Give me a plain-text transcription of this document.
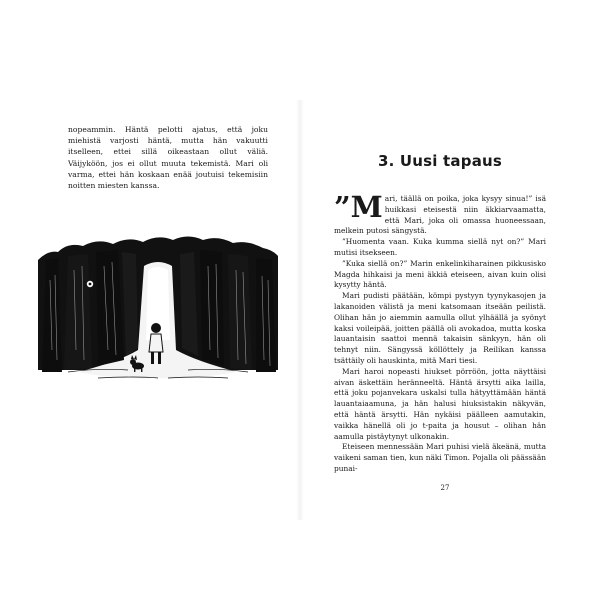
nopeammin. Häntä pelotti ajatus, että joku miehistä varjosti häntä, mutta hän vakuutti itselleen, ettei sillä oikeastaan ollut väliä. Väijyköön, jos ei ollut muuta tekemistä. Mari oli varma, ettei hän koskaan enää joutuisi tekemisiin noitten miesten kanssa.

3. Uusi tapaus

”M ari, täällä on poika, joka kysyy sinua!” isä huikkasi eteisestä niin äkkiarvaamatta, että Mari, joka oli omassa huoneessaan, melkein putosi sängystä.

”Huomenta vaan. Kuka kumma siellä nyt on?” Mari mutisi itsekseen.

”Kuka siellä on?” Marin enkelinkiharainen pikkusisko Magda hihkaisi ja meni äkkiä eteiseen, aivan kuin olisi kysytty häntä.

Mari pudisti päätään, kömpi pystyyn tyynykasojen ja lakanoiden välistä ja meni katsomaan itseään peilistä. Olihan hän jo aiemmin aamulla ollut ylhäällä ja syönyt kaksi voileipää, joitten päällä oli avokadoa, mutta koska lauantaisin saattoi mennä takaisin sänkyyn, hän oli tehnyt niin. Sängyssä köllöttely ja Reilikan kanssa tsättäily oli hauskinta, mitä Mari tiesi.

Mari haroi nopeasti hiukset pörröön, jotta näyttäisi aivan äskettäin heränneeltä. Häntä ärsytti aika lailla, että joku pojanvekara uskalsi tulla hätyyttämään häntä lauantaiaamuna, ja hän halusi hiuksistakin näkyvän, että häntä ärsytti. Hän nykäisi päälleen aamutakin, vaikka hänellä oli jo t-paita ja housut – olihan hän aamulla pistäytynyt ulkonakin.

Eteiseen mennessään Mari puhisi vielä äkeänä, mutta vaikeni saman tien, kun näki Timon. Pojalla oli päässään punai-

27
